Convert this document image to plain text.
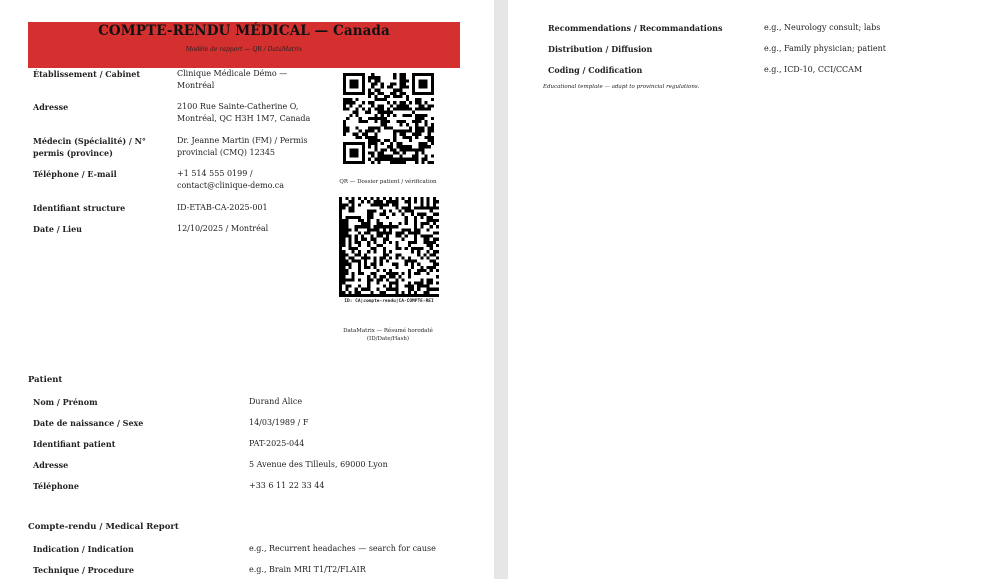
COMPTE-RENDU MÉDICAL — Canada
Modèle de rapport — QR / DataMatrix
Établissement / Cabinet	Clinique Médicale Démo — Montréal
Adresse	2100 Rue Sainte-Catherine O, Montréal, QC H3H 1M7, Canada
Médecin (Spécialité) / N° permis (province)	Dr. Jeanne Martin (FM) / Permis provincial (CMQ) 12345
Téléphone / E-mail	+1 514 555 0199 / contact@clinique-demo.ca
Identifiant structure	ID-ETAB-CA-2025-001
Date / Lieu	12/10/2025 / Montréal
QR — Dossier patient / vérification
ID: CA|compte-rendu|CA-COMPTE-REI
DataMatrix — Résumé horodaté (ID/Date/Hash)
Patient
Nom / Prénom	Durand Alice
Date de naissance / Sexe	14/03/1989 / F
Identifiant patient	PAT-2025-044
Adresse	5 Avenue des Tilleuls, 69000 Lyon
Téléphone	+33 6 11 22 33 44
Compte-rendu / Medical Report
Indication / Indication	e.g., Recurrent headaches — search for cause
Technique / Procedure	e.g., Brain MRI T1/T2/FLAIR
Recommendations / Recommandations	e.g., Neurology consult; labs
Distribution / Diffusion	e.g., Family physician; patient
Coding / Codification	e.g., ICD-10, CCI/CCAM
Educational template — adapt to provincial regulations.
